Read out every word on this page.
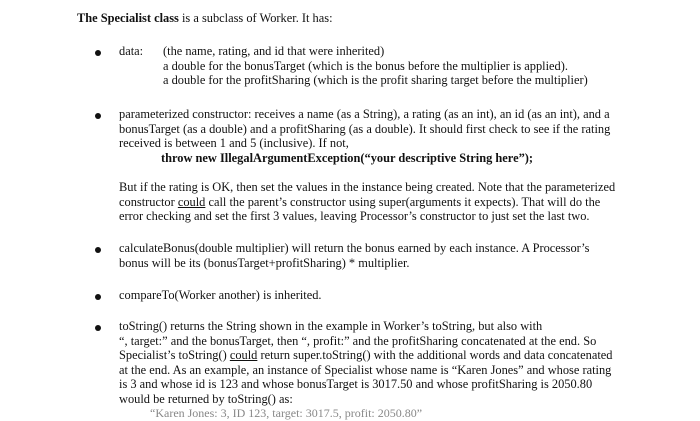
The Specialist class is a subclass of Worker. It has:
data: (the name, rating, and id that were inherited)
a double for the bonusTarget (which is the bonus before the multiplier is applied).
a double for the profitSharing (which is the profit sharing target before the multiplier)
parameterized constructor: receives a name (as a String), a rating (as an int), an id (as an int), and a
bonusTarget (as a double) and a profitSharing (as a double). It should first check to see if the rating
received is between 1 and 5 (inclusive). If not,
throw new IllegalArgumentException(“your descriptive String here”);
But if the rating is OK, then set the values in the instance being created. Note that the parameterized
constructor could call the parent’s constructor using super(arguments it expects). That will do the
error checking and set the first 3 values, leaving Processor’s constructor to just set the last two.
calculateBonus(double multiplier) will return the bonus earned by each instance. A Processor’s
bonus will be its (bonusTarget+profitSharing) * multiplier.
compareTo(Worker another) is inherited.
toString() returns the String shown in the example in Worker’s toString, but also with
“, target:” and the bonusTarget, then “, profit:” and the profitSharing concatenated at the end. So
Specialist’s toString() could return super.toString() with the additional words and data concatenated
at the end. As an example, an instance of Specialist whose name is “Karen Jones” and whose rating
is 3 and whose id is 123 and whose bonusTarget is 3017.50 and whose profitSharing is 2050.80
would be returned by toString() as:
“Karen Jones: 3, ID 123, target: 3017.5, profit: 2050.80”
